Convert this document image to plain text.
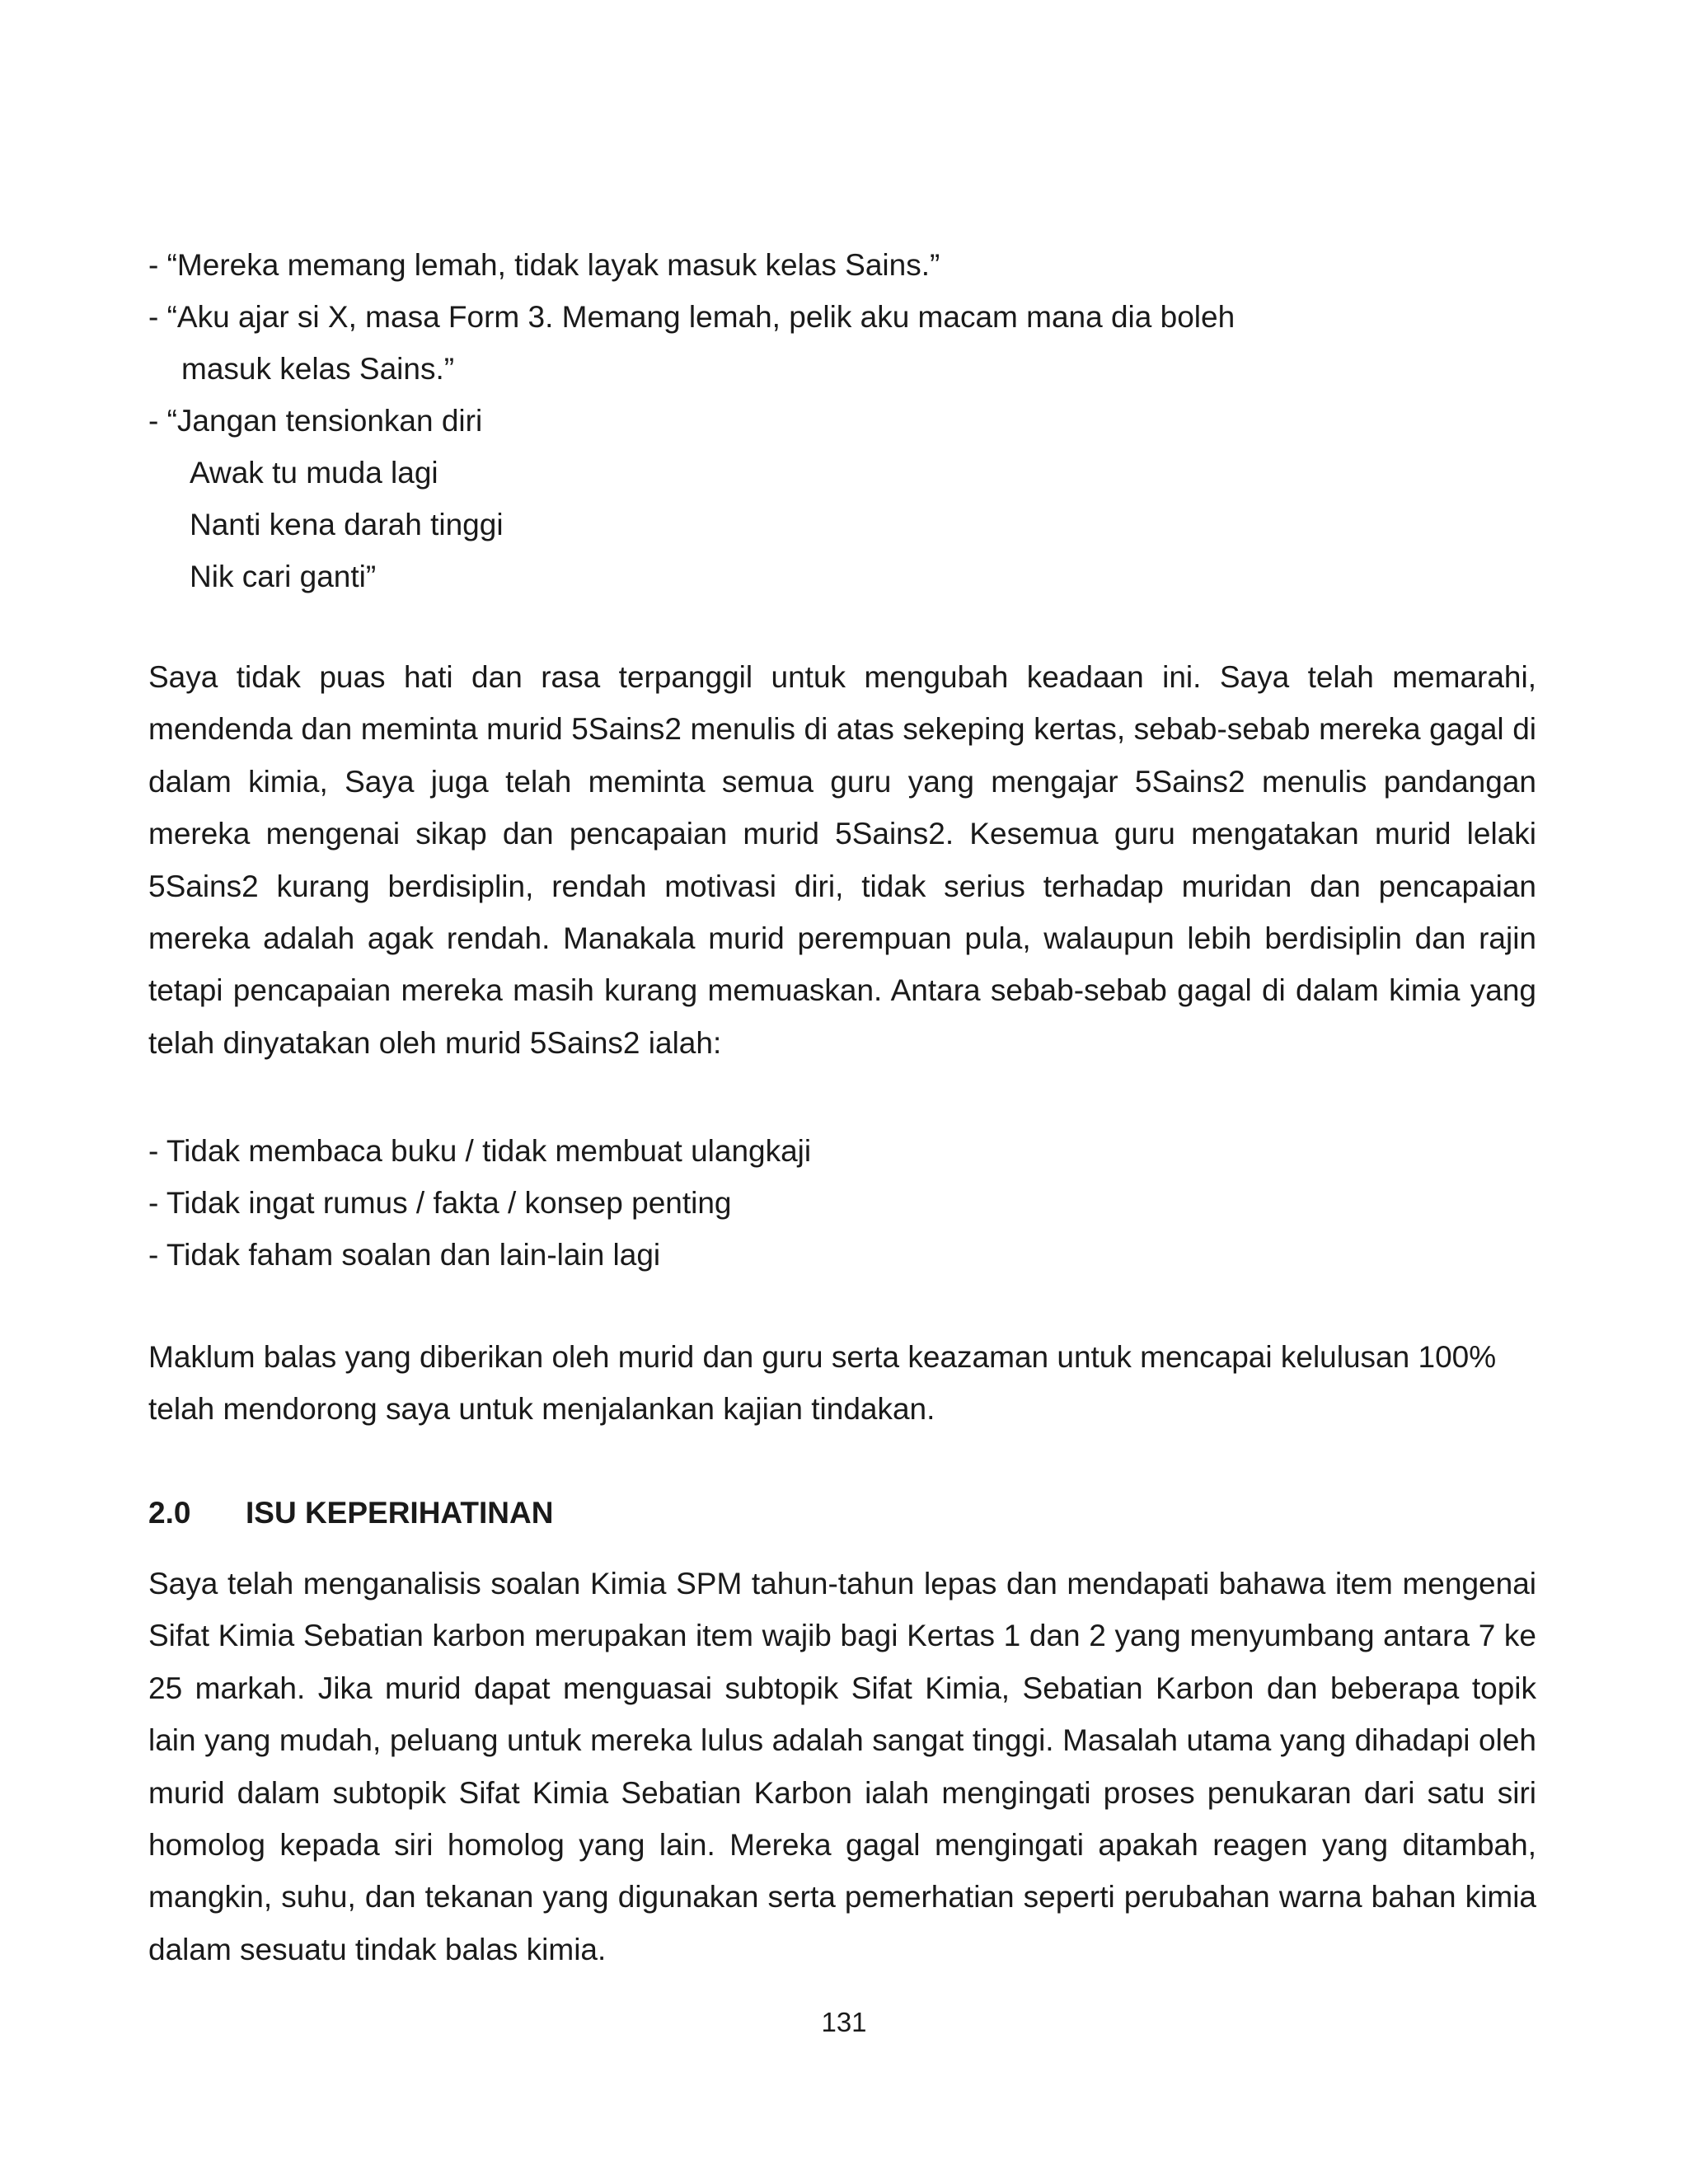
- “Mereka memang lemah, tidak layak masuk kelas Sains.”
- “Aku ajar si X, masa Form 3. Memang lemah, pelik aku macam mana dia boleh
masuk kelas Sains.”
- “Jangan tensionkan diri
Awak tu muda lagi
Nanti kena darah tinggi
Nik cari ganti”

Saya tidak puas hati dan rasa terpanggil untuk mengubah keadaan ini. Saya telah memarahi, mendenda dan meminta murid 5Sains2 menulis di atas sekeping kertas, sebab-sebab mereka gagal di dalam kimia, Saya juga telah meminta semua guru yang mengajar 5Sains2 menulis pandangan mereka mengenai sikap dan pencapaian murid 5Sains2. Kesemua guru mengatakan murid lelaki 5Sains2 kurang berdisiplin, rendah motivasi diri, tidak serius terhadap muridan dan pencapaian mereka adalah agak rendah. Manakala murid perempuan pula, walaupun lebih berdisiplin dan rajin tetapi pencapaian mereka masih kurang memuaskan. Antara sebab-sebab gagal di dalam kimia yang telah dinyatakan oleh murid 5Sains2 ialah:

- Tidak membaca buku / tidak membuat ulangkaji
- Tidak ingat rumus / fakta / konsep penting
- Tidak faham soalan dan lain-lain lagi

Maklum balas yang diberikan oleh murid dan guru serta keazaman untuk mencapai kelulusan 100% telah mendorong saya untuk menjalankan kajian tindakan.

2.0 ISU KEPERIHATINAN

Saya telah menganalisis soalan Kimia SPM tahun-tahun lepas dan mendapati bahawa item mengenai Sifat Kimia Sebatian karbon merupakan item wajib bagi Kertas 1 dan 2 yang menyumbang antara 7 ke 25 markah. Jika murid dapat menguasai subtopik Sifat Kimia, Sebatian Karbon dan beberapa topik lain yang mudah, peluang untuk mereka lulus adalah sangat tinggi. Masalah utama yang dihadapi oleh murid dalam subtopik Sifat Kimia Sebatian Karbon ialah mengingati proses penukaran dari satu siri homolog kepada siri homolog yang lain. Mereka gagal mengingati apakah reagen yang ditambah, mangkin, suhu, dan tekanan yang digunakan serta pemerhatian seperti perubahan warna bahan kimia dalam sesuatu tindak balas kimia.

131
